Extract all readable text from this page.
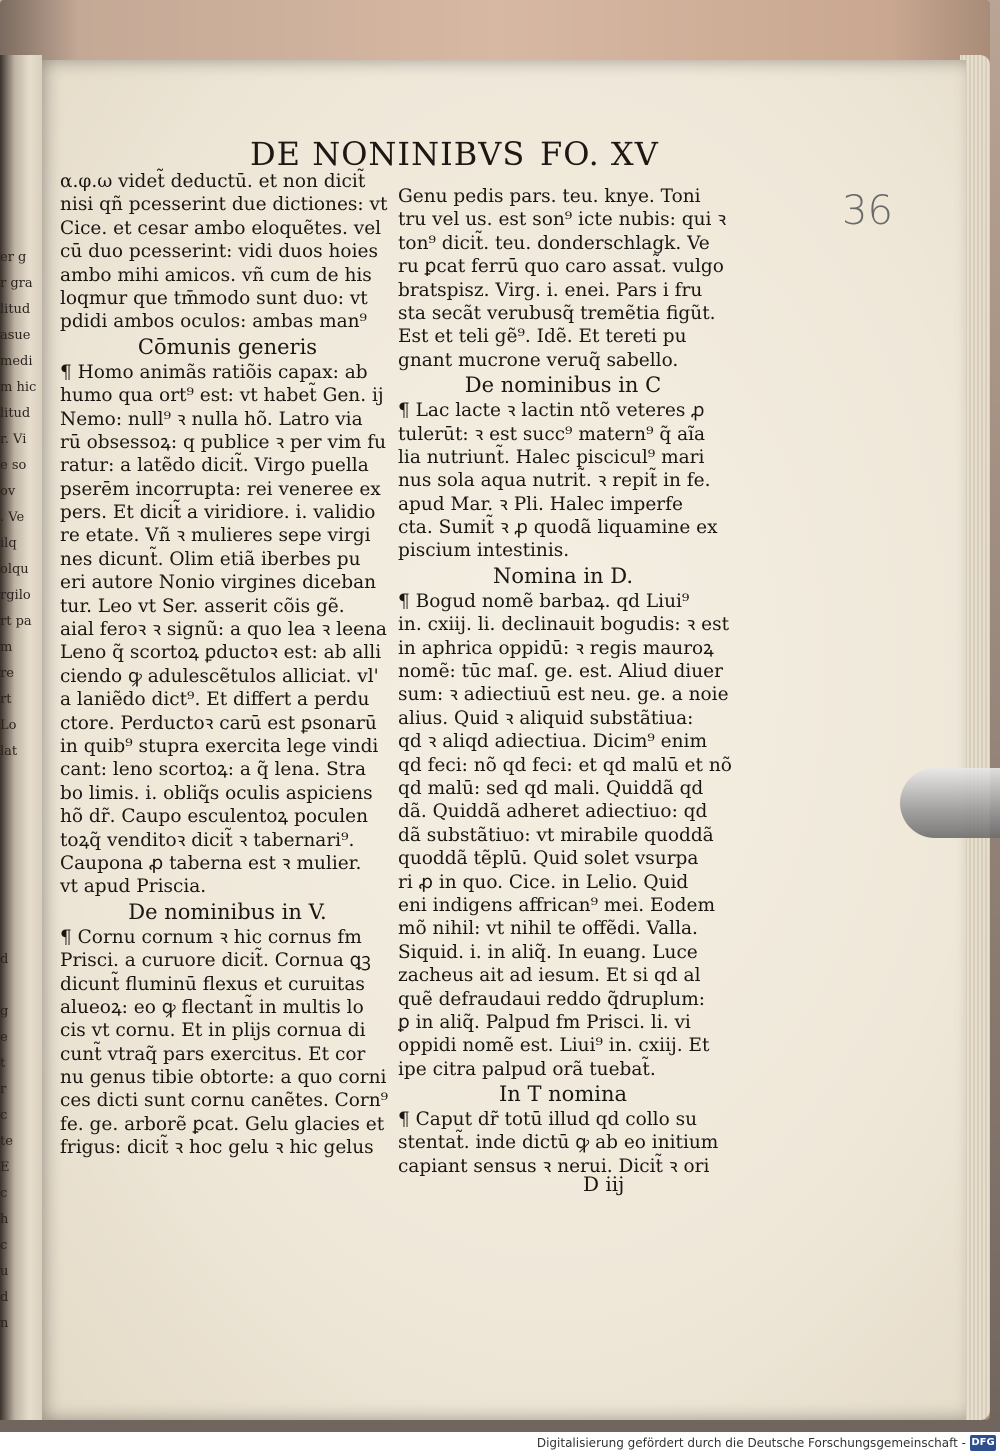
er g
r gra
litud
asue
medi
m hic
litud
r. Vi
e so
ov
. Ve
ilq
olqu
rgilo
rt pa
m
re
rt
Lo
lat

d

g
e
t
r
c
te
E
c
h
c
u
d
n
36
DE NONINIBVS FO. XV
α.φ.ω videt̃ deductū. et non dicit̃
nisi qñ pcesserint due dictiones: vt
Cice. et cesar ambo eloquẽtes. vel
cū duo pcesserint: vidi duos hoies
ambo mihi amicos. vñ cum de his
loqmur que tm̄modo sunt duo: vt
pdidi ambos oculos: ambas man⁹
Cōmunis generis
¶ Homo animãs ratiõis capax: ab
humo qua ort⁹ est: vt habet̃ Gen. ij
Nemo: null⁹ ꝛ nulla hõ. Latro via
rū obsessoꝝ: q publice ꝛ per vim fu
ratur: a latẽdo dicit̃. Virgo puella
pserēm incorrupta: rei veneree ex
pers. Et dicit̃ a viridiore. i. validio
re etate. Vñ ꝛ mulieres sepe virgi
nes dicunt̃. Olim etiã iberbes pu
eri autore Nonio virgines diceban
tur. Leo vt Ser. asserit cõis gẽ.
aial feroꝛ ꝛ signũ: a quo lea ꝛ leena
Leno q̃ scortoꝝ ꝑductoꝛ est: ab alli
ciendo ꝙ adulescẽtulos alliciat. vl'
a laniẽdo dict⁹. Et differt a perdu
ctore. Perductoꝛ carū est ꝑsonarū
in quib⁹ stupra exercita lege vindi
cant: leno scortoꝝ: a q̃ lena. Stra
bo limis. i. obliq̃s oculis aspiciens
hõ dr̃. Caupo esculentoꝝ poculen
toꝝq̃ venditoꝛ dicit̃ ꝛ tabernari⁹.
Caupona ꝓ taberna est ꝛ mulier.
vt apud Priscia.
De nominibus in V.
¶ Cornu cornum ꝛ hic cornus fm
Prisci. a curuore dicit̃. Cornua ꝗꝫ
dicunt̃ fluminū flexus et curuitas
alueoꝝ: eo ꝙ flectant̃ in multis lo
cis vt cornu. Et in plijs cornua di
cunt̃ vtraq̃ pars exercitus. Et cor
nu genus tibie obtorte: a quo corni
ces dicti sunt cornu canẽtes. Corn⁹
fe. ge. arborẽ ꝑcat. Gelu glacies et
frigus: dicit̃ ꝛ hoc gelu ꝛ hic gelus
Genu pedis pars. teu. knye. Toni
tru vel us. est son⁹ icte nubis: qui ꝛ
ton⁹ dicit̃. teu. donderschlagk. Ve
ru ꝑcat ferrū quo caro assat̃. vulgo
bratspisz. Virg. i. enei. Pars i fru
sta secãt verubusq̃ tremẽtia figũt.
Est et teli gẽ⁹. Idẽ. Et tereti pu
gnant mucrone veruq̃ sabello.
De nominibus in C
¶ Lac lacte ꝛ lactin ntõ veteres ꝓ
tulerūt: ꝛ est succ⁹ matern⁹ q̃ aĩa
lia nutriunt̃. Halec piscicul⁹ mari
nus sola aqua nutrit̃. ꝛ repit̃ in fe.
apud Mar. ꝛ Pli. Halec imperfe
cta. Sumit̃ ꝛ ꝓ quodã liquamine ex
piscium intestinis.
Nomina in D.
¶ Bogud nomẽ barbaꝝ. qd Liui⁹
in. cxiij. li. declinauit bogudis: ꝛ est
in aphrica oppidū: ꝛ regis mauroꝝ
nomẽ: tūc maſ. ge. est. Aliud diuer
sum: ꝛ adiectiuū est neu. ge. a noie
alius. Quid ꝛ aliquid substãtiua:
qd ꝛ aliqd adiectiua. Dicim⁹ enim
qd feci: nõ qd feci: et qd malū et nõ
qd malū: sed qd mali. Quiddã qd
dã. Quiddã adheret adiectiuo: qd
dã substãtiuo: vt mirabile quoddã
quoddã tẽplū. Quid solet vsurpa
ri ꝓ in quo. Cice. in Lelio. Quid
eni indigens affrican⁹ mei. Eodem
mõ nihil: vt nihil te offẽdi. Valla.
Siquid. i. in aliq̃. In euang. Luce
zacheus ait ad iesum. Et si qd al
quẽ defraudaui reddo q̃druplum:
ꝑ in aliq̃. Palpud fm Prisci. li. vi
oppidi nomẽ est. Liui⁹ in. cxiij. Et
ipe citra palpud orã tuebat̃.
In T nomina
¶ Caput dr̃ totū illud qd collo su
stentat̃. inde dictū ꝙ ab eo initium
capiant sensus ꝛ nerui. Dicit̃ ꝛ ori
D iij
Digitalisierung gefördert durch die Deutsche Forschungsgemeinschaft - DFG
